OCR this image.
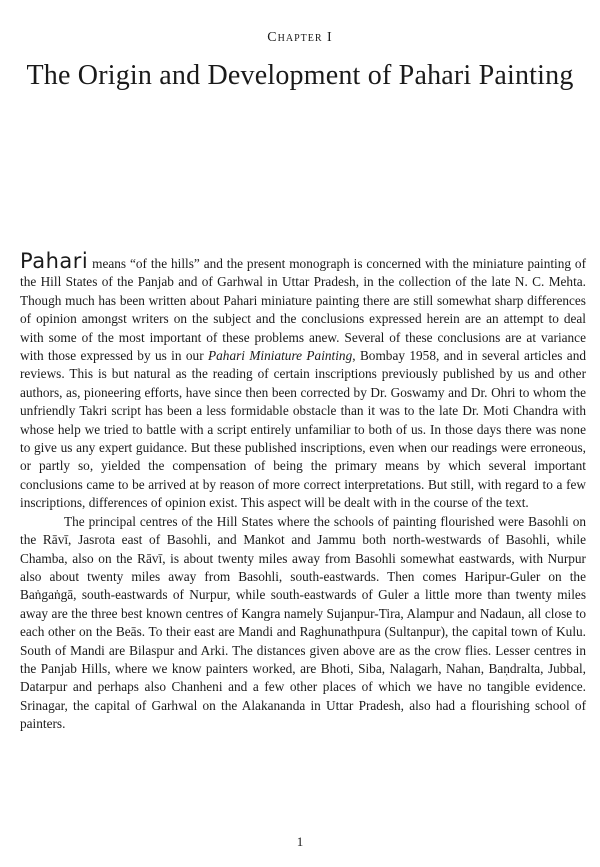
Chapter I
The Origin and Development of Pahari Painting

Pahari means “of the hills” and the present monograph is concerned with the miniature painting of the Hill States of the Panjab and of Garhwal in Uttar Pradesh, in the collection of the late N. C. Mehta. Though much has been written about Pahari miniature painting there are still somewhat sharp differences of opinion amongst writers on the subject and the conclusions expressed herein are an attempt to deal with some of the most important of these problems anew. Several of these conclusions are at variance with those expressed by us in our Pahari Miniature Painting, Bombay 1958, and in several articles and reviews. This is but natural as the reading of certain inscriptions previously published by us and other authors, as, pioneering efforts, have since then been corrected by Dr. Goswamy and Dr. Ohri to whom the unfriendly Takri script has been a less formidable obstacle than it was to the late Dr. Moti Chandra with whose help we tried to battle with a script entirely unfamiliar to both of us. In those days there was none to give us any expert guidance. But these published inscriptions, even when our readings were erroneous, or partly so, yielded the compensation of being the primary means by which several important conclusions came to be arrived at by reason of more correct interpretations. But still, with regard to a few inscriptions, differences of opinion exist. This aspect will be dealt with in the course of the text.

The principal centres of the Hill States where the schools of painting flourished were Basohli on the Rāvī, Jasrota east of Basohli, and Mankot and Jammu both north-westwards of Basohli, while Chamba, also on the Rāvī, is about twenty miles away from Basohli somewhat eastwards, with Nurpur also about twenty miles away from Basohli, south-eastwards. Then comes Haripur-Guler on the Baṅgaṅgā, south-eastwards of Nurpur, while south-eastwards of Guler a little more than twenty miles away are the three best known centres of Kangra namely Sujanpur-Tira, Alampur and Nadaun, all close to each other on the Beās. To their east are Mandi and Raghunathpura (Sultanpur), the capital town of Kulu. South of Mandi are Bilaspur and Arki. The distances given above are as the crow flies. Lesser centres in the Panjab Hills, where we know painters worked, are Bhoti, Siba, Nalagarh, Nahan, Baṇdralta, Jubbal, Datarpur and perhaps also Chanheni and a few other places of which we have no tangible evidence. Srinagar, the capital of Garhwal on the Alakananda in Uttar Pradesh, also had a flourishing school of painters.

1
